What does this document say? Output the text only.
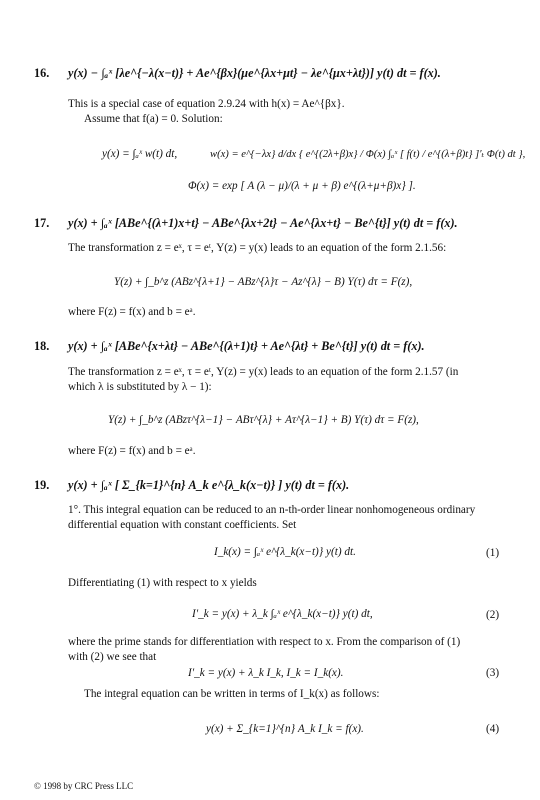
16. y(x) − ∫ₐˣ [λe^{−λ(x−t)} + Ae^{βx}(μe^{λx+μt} − λe^{μx+λt})] y(t) dt = f(x).
This is a special case of equation 2.9.24 with h(x) = Ae^{βx}.
Assume that f(a) = 0. Solution:
y(x) = ∫ₐˣ w(t) dt,	w(x) = e^{−λx} d/dx { e^{(2λ+β)x} / Φ(x) ∫ₐˣ [ f(t) / e^{(λ+β)t} ]′ₜ Φ(t) dt },
Φ(x) = exp [ A (λ − μ)/(λ + μ + β) e^{(λ+μ+β)x} ].
17. y(x) + ∫ₐˣ [ABe^{(λ+1)x+t} − ABe^{λx+2t} − Ae^{λx+t} − Be^{t}] y(t) dt = f(x).
The transformation z = eˣ, τ = eᵗ, Y(z) = y(x) leads to an equation of the form 2.1.56:
Y(z) + ∫_b^z (ABz^{λ+1} − ABz^{λ}τ − Az^{λ} − B) Y(τ) dτ = F(z),
where F(z) = f(x) and b = eᵃ.
18. y(x) + ∫ₐˣ [ABe^{x+λt} − ABe^{(λ+1)t} + Ae^{λt} + Be^{t}] y(t) dt = f(x).
The transformation z = eˣ, τ = eᵗ, Y(z) = y(x) leads to an equation of the form 2.1.57 (in
which λ is substituted by λ − 1):
Y(z) + ∫_b^z (ABzτ^{λ−1} − ABτ^{λ} + Aτ^{λ−1} + B) Y(τ) dτ = F(z),
where F(z) = f(x) and b = eᵃ.
19. y(x) + ∫ₐˣ [ Σ_{k=1}^{n} A_k e^{λ_k(x−t)} ] y(t) dt = f(x).
1°. This integral equation can be reduced to an n-th-order linear nonhomogeneous ordinary
differential equation with constant coefficients. Set
I_k(x) = ∫ₐˣ e^{λ_k(x−t)} y(t) dt.	(1)
Differentiating (1) with respect to x yields
I′_k = y(x) + λ_k ∫ₐˣ e^{λ_k(x−t)} y(t) dt,	(2)
where the prime stands for differentiation with respect to x. From the comparison of (1)
with (2) we see that
I′_k = y(x) + λ_k I_k, I_k = I_k(x).	(3)
The integral equation can be written in terms of I_k(x) as follows:
y(x) + Σ_{k=1}^{n} A_k I_k = f(x).	(4)
© 1998 by CRC Press LLC
